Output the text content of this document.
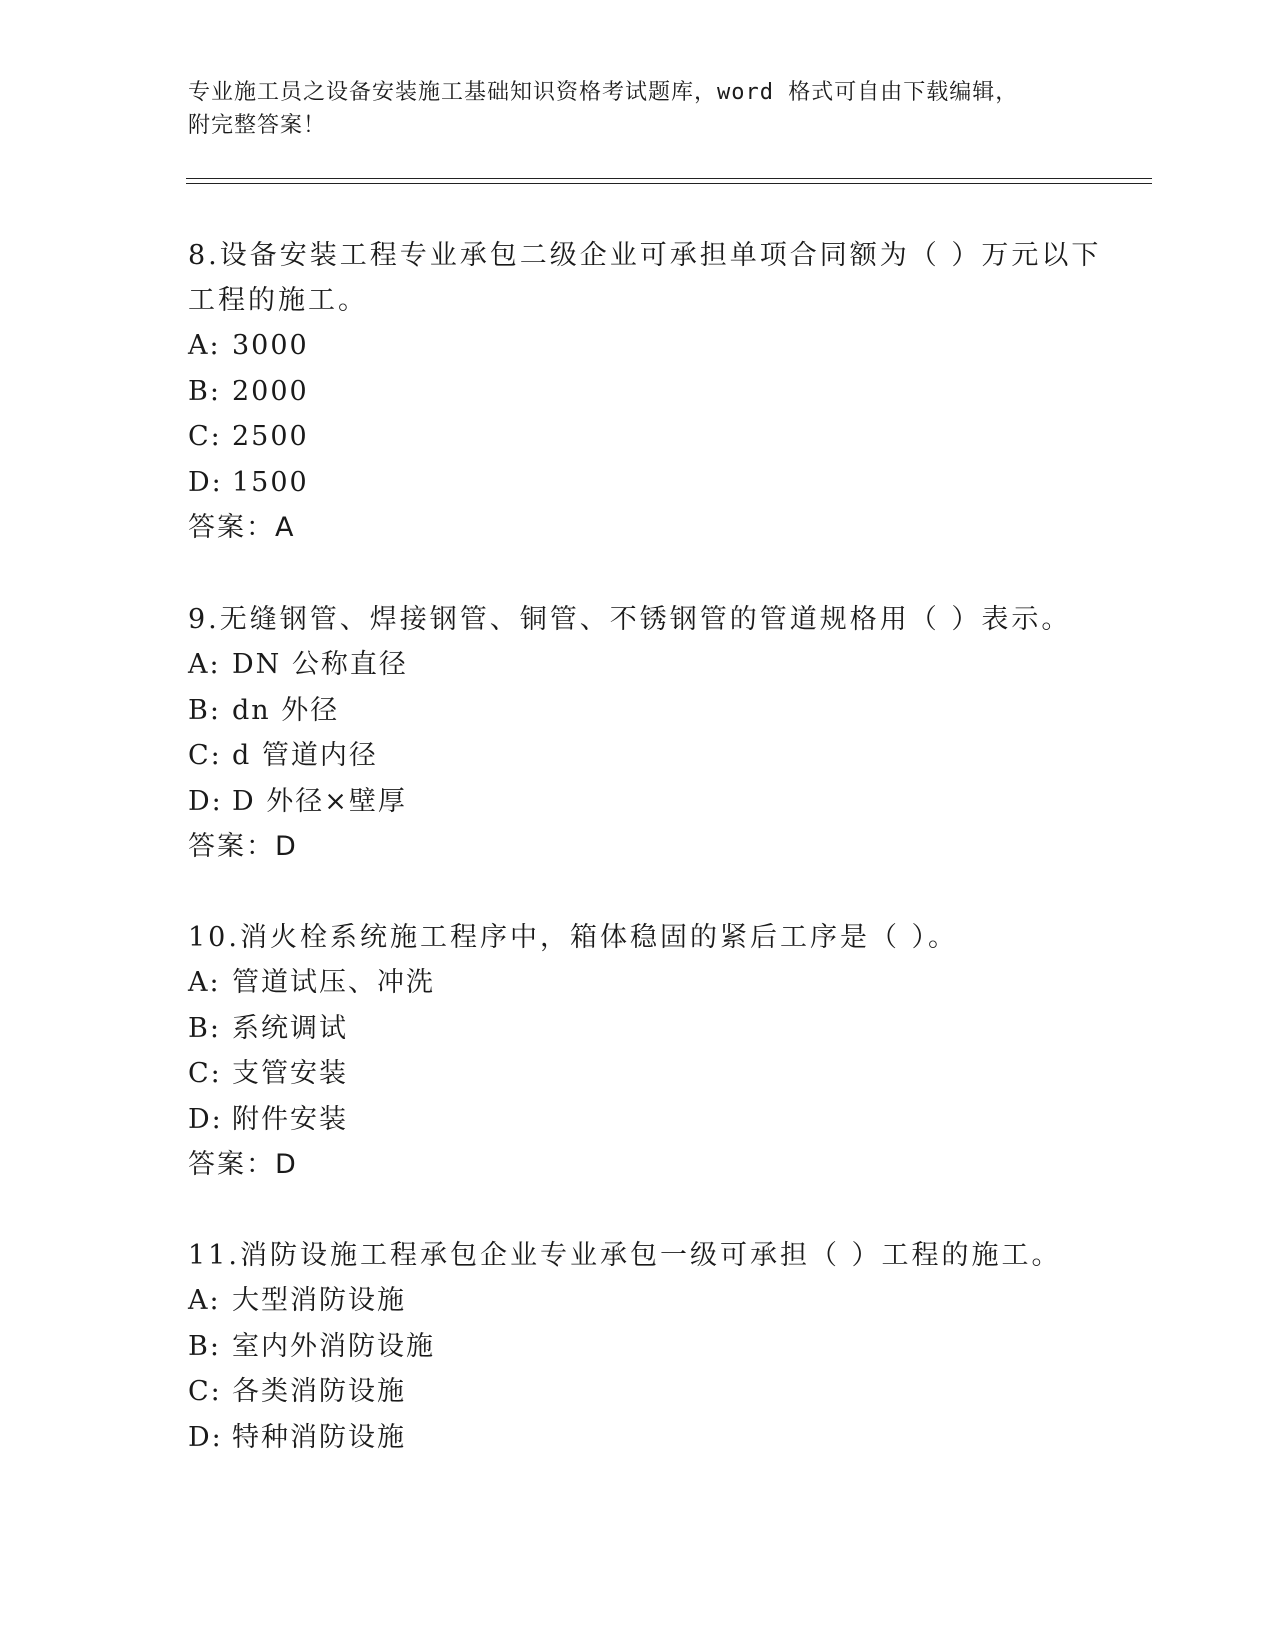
专业施工员之设备安装施工基础知识资格考试题库，word 格式可自由下载编辑，
附完整答案！
8.设备安装工程专业承包二级企业可承担单项合同额为（ ）万元以下
工程的施工。
A: 3000
B: 2000
C: 2500
D: 1500
答案：A
9.无缝钢管、焊接钢管、铜管、不锈钢管的管道规格用（ ）表示。
A: DN 公称直径
B: dn 外径
C: d 管道内径
D: D 外径×壁厚
答案：D
10.消火栓系统施工程序中，箱体稳固的紧后工序是（ ）。
A: 管道试压、冲洗
B: 系统调试
C: 支管安装
D: 附件安装
答案：D
11.消防设施工程承包企业专业承包一级可承担（ ）工程的施工。
A: 大型消防设施
B: 室内外消防设施
C: 各类消防设施
D: 特种消防设施
